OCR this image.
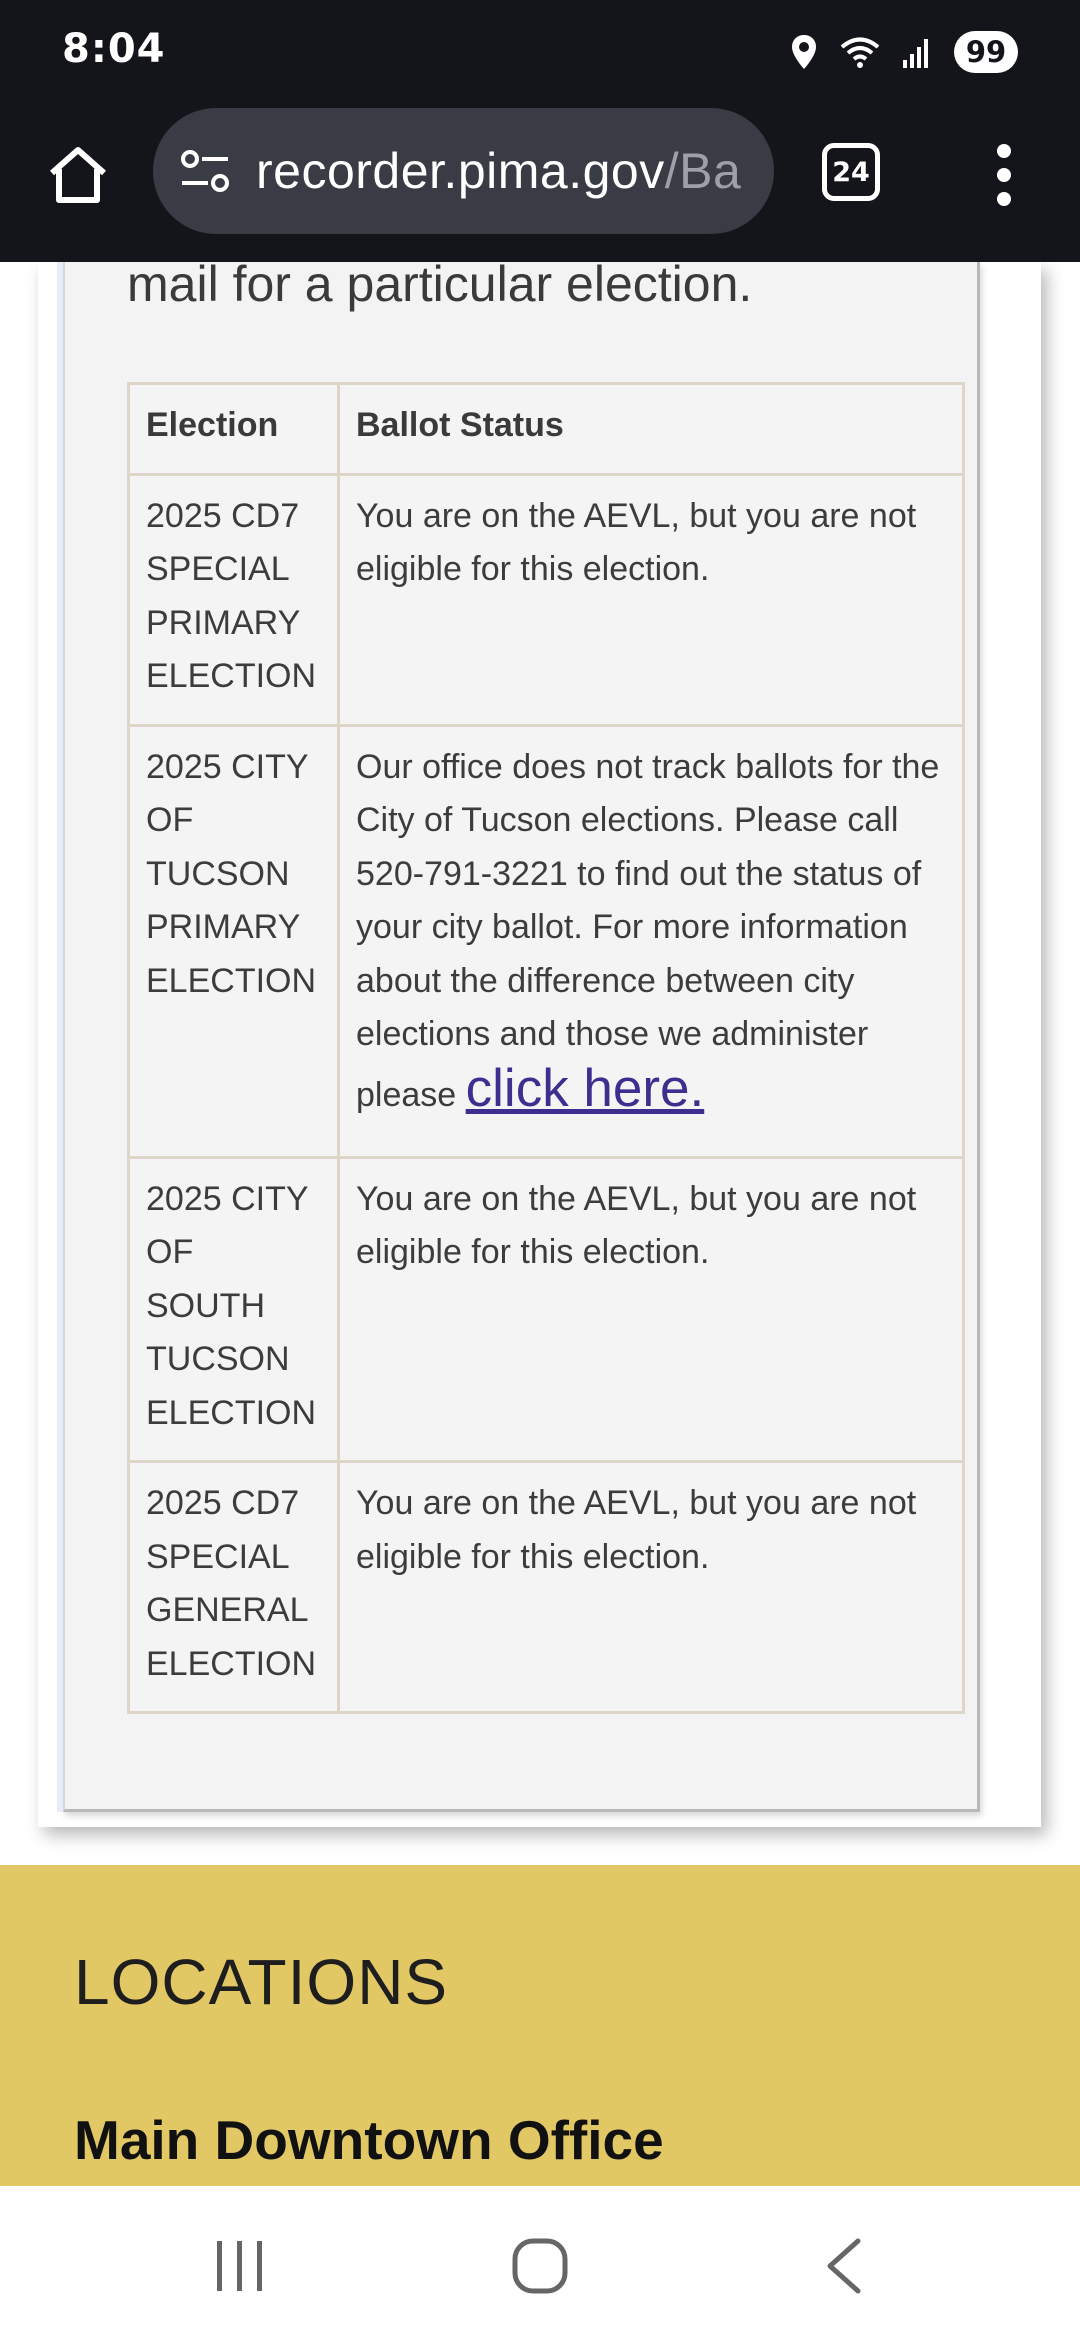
8:04	99
recorder.pima.gov/Ba	24
mail for a particular election.
Election	Ballot Status
2025 CD7 SPECIAL PRIMARY ELECTION	You are on the AEVL, but you are not eligible for this election.
2025 CITY OF TUCSON PRIMARY ELECTION	Our office does not track ballots for the City of Tucson elections. Please call 520-791-3221 to find out the status of your city ballot. For more information about the difference between city elections and those we administer please click here.
2025 CITY OF SOUTH TUCSON ELECTION	You are on the AEVL, but you are not eligible for this election.
2025 CD7 SPECIAL GENERAL ELECTION	You are on the AEVL, but you are not eligible for this election.
LOCATIONS
Main Downtown Office
